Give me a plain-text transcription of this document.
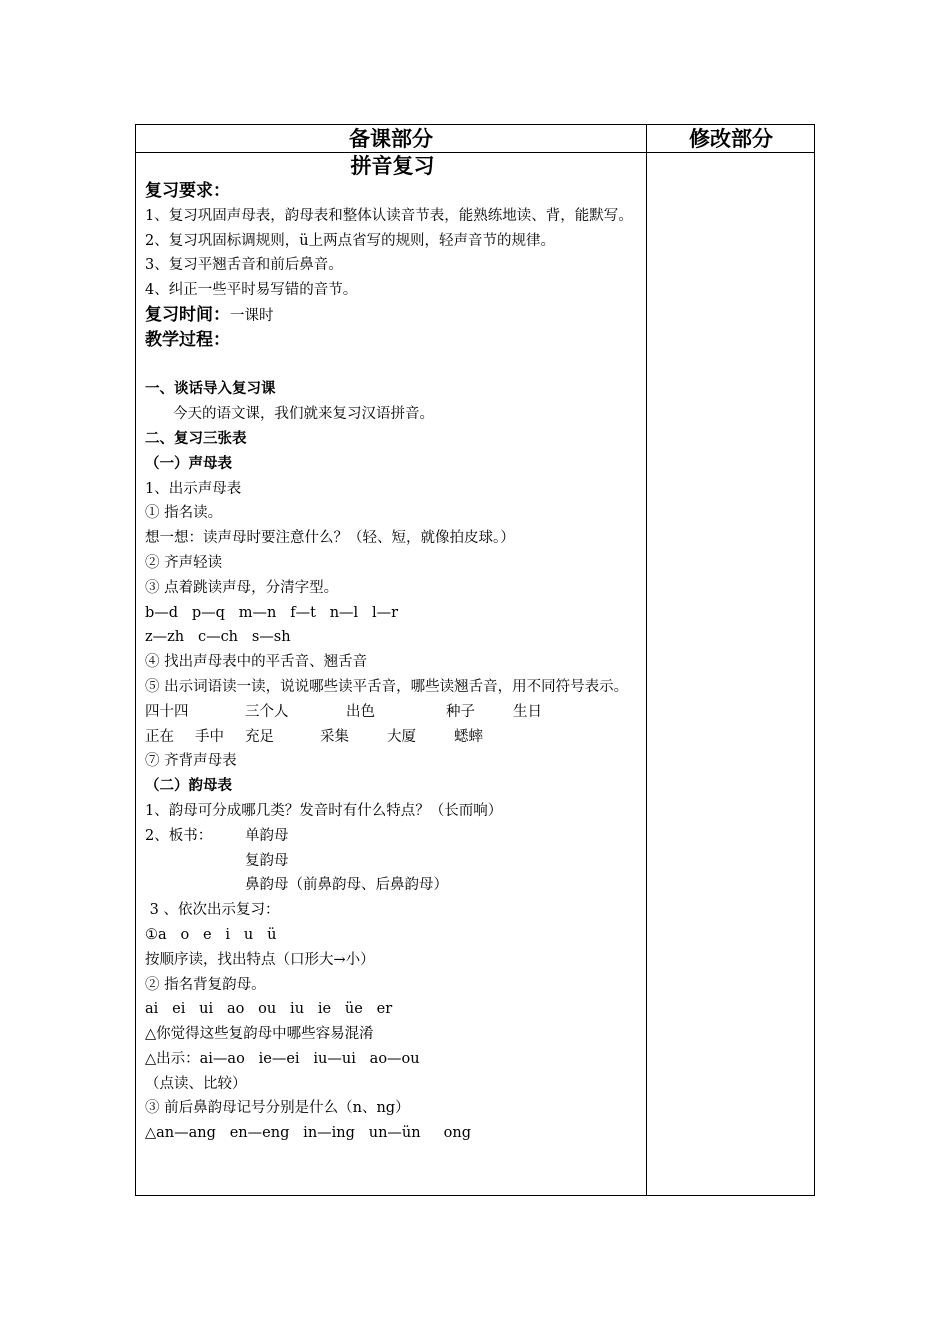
备课部分	修改部分
拼音复习
复习要求：
1、复习巩固声母表，韵母表和整体认读音节表，能熟练地读、背，能默写。
2、复习巩固标调规则，ü上两点省写的规则，轻声音节的规律。
3、复习平翘舌音和前后鼻音。
4、纠正一些平时易写错的音节。
复习时间：一课时
教学过程：
一、谈话导入复习课
今天的语文课，我们就来复习汉语拼音。
二、复习三张表
（一）声母表
1、出示声母表
① 指名读。
想一想：读声母时要注意什么？（轻、短，就像拍皮球。）
② 齐声轻读
③ 点着跳读声母，分清字型。
b—d   p—q   m—n   f—t   n—l   l—r
z—zh   c—ch   s—sh
④ 找出声母表中的平舌音、翘舌音
⑤ 出示词语读一读，说说哪些读平舌音，哪些读翘舌音，用不同符号表示。
四十四	三个人	出色	种子	生日
正在	手中	充足	采集	大厦	蟋蟀
⑦ 齐背声母表
（二）韵母表
1、韵母可分成哪几类？发音时有什么特点？（长而响）
2、板书：	单韵母
复韵母
鼻韵母（前鼻韵母、后鼻韵母）
3 、依次出示复习：
①a   o   e   i   u   ü
按顺序读，找出特点（口形大→小）
② 指名背复韵母。
ai   ei   ui   ao   ou   iu   ie   üe   er
△你觉得这些复韵母中哪些容易混淆
△出示：ai—ao   ie—ei   iu—ui   ao—ou
（点读、比较）
③ 前后鼻韵母记号分别是什么（n、ng）
△an—ang   en—eng   in—ing   un—ün     ong
